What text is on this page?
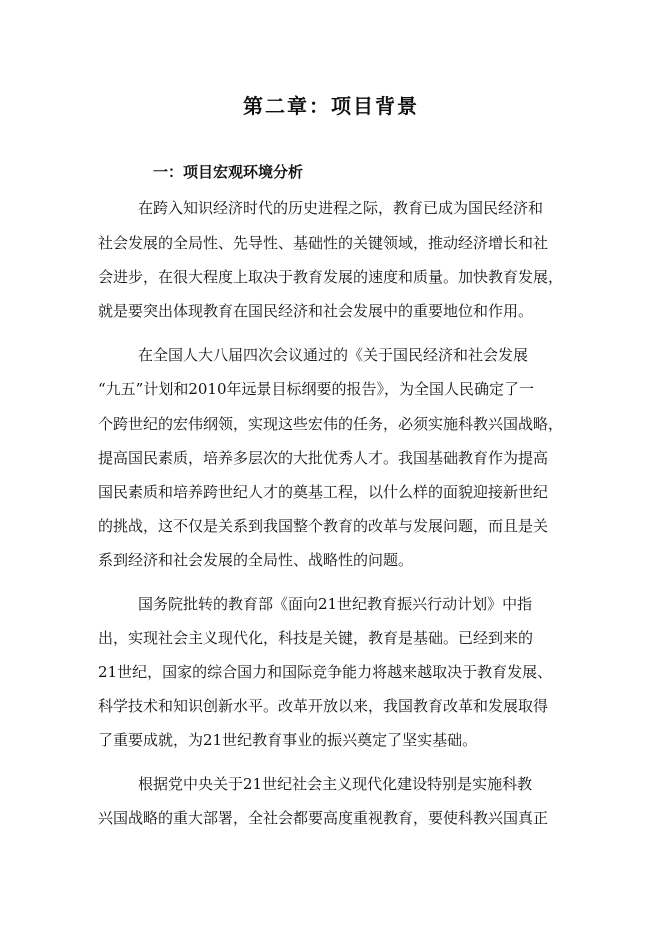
第二章：项目背景
一：项目宏观环境分析
在跨入知识经济时代的历史进程之际，教育已成为国民经济和
社会发展的全局性、先导性、基础性的关键领域，推动经济增长和社
会进步，在很大程度上取决于教育发展的速度和质量。加快教育发展，
就是要突出体现教育在国民经济和社会发展中的重要地位和作用。
在全国人大八届四次会议通过的《关于国民经济和社会发展
“九五”计划和2010年远景目标纲要的报告》，为全国人民确定了一
个跨世纪的宏伟纲领，实现这些宏伟的任务，必须实施科教兴国战略，
提高国民素质，培养多层次的大批优秀人才。我国基础教育作为提高
国民素质和培养跨世纪人才的奠基工程，以什么样的面貌迎接新世纪
的挑战，这不仅是关系到我国整个教育的改革与发展问题，而且是关
系到经济和社会发展的全局性、战略性的问题。
国务院批转的教育部《面向21世纪教育振兴行动计划》中指
出，实现社会主义现代化，科技是关键，教育是基础。已经到来的
21世纪，国家的综合国力和国际竞争能力将越来越取决于教育发展、
科学技术和知识创新水平。改革开放以来，我国教育改革和发展取得
了重要成就，为21世纪教育事业的振兴奠定了坚实基础。
根据党中央关于21世纪社会主义现代化建设特别是实施科教
兴国战略的重大部署，全社会都要高度重视教育，要使科教兴国真正
